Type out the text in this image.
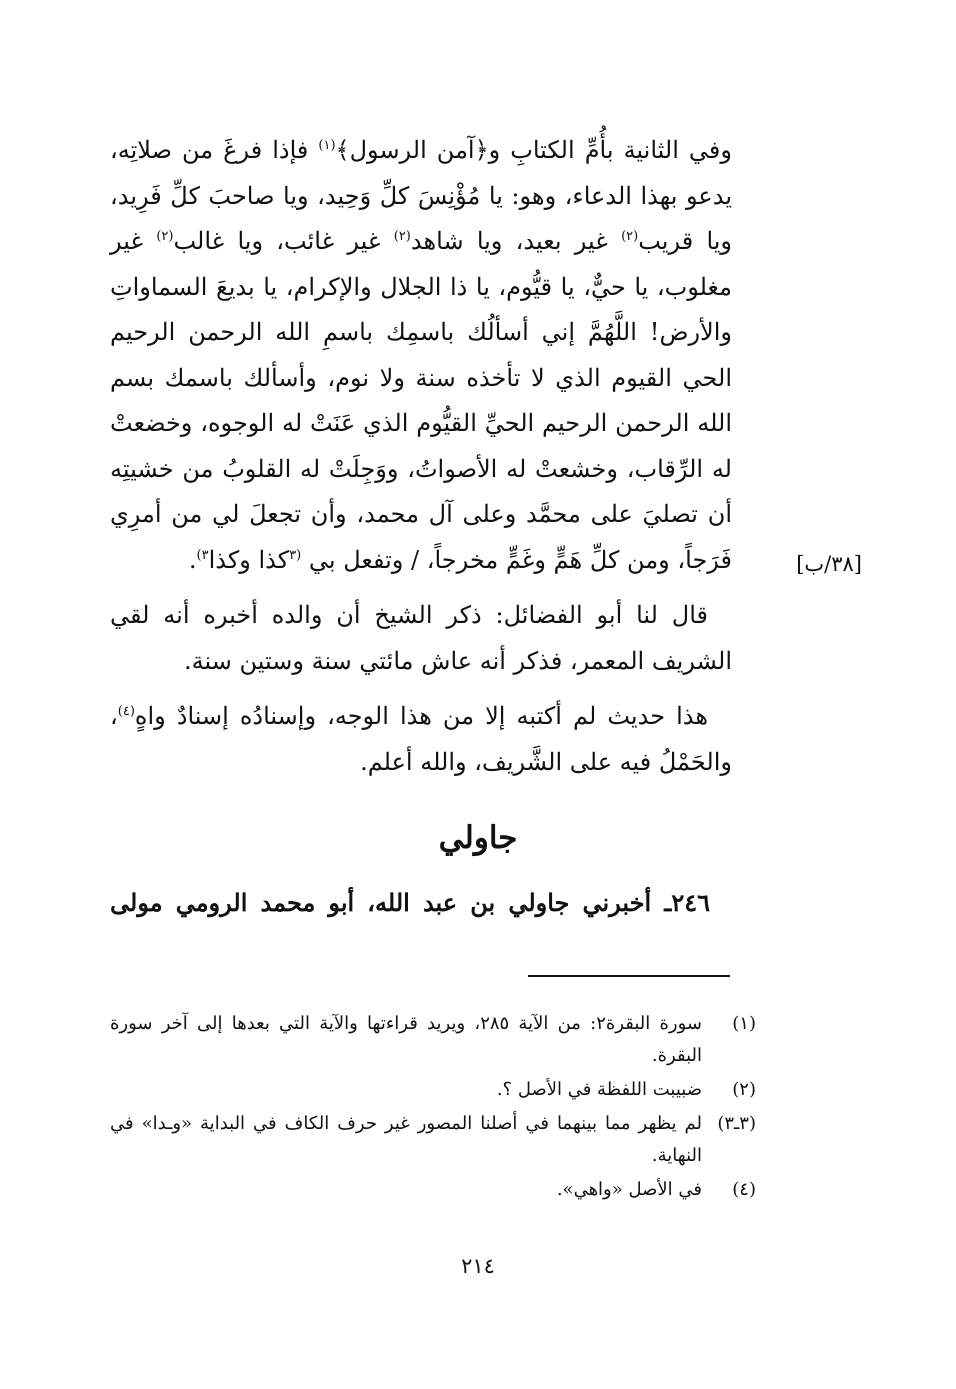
وفي الثانية بأُمِّ الكتابِ و﴿آمن الرسول﴾$^{(١)}$ فإذا فرغَ من صلاتِه، يدعو بهذا الدعاء، وهو: يا مُؤْنِسَ كلِّ وَحِيد، ويا صاحبَ كلِّ فَرِيد، ويا قريب$^{(٢)}$ غير بعيد، ويا شاهد$^{(٢)}$ غير غائب، ويا غالب$^{(٢)}$ غير مغلوب، يا حيٌّ، يا قيُّوم، يا ذا الجلال والإكرام، يا بديعَ السماواتِ والأرض! اللَّهُمَّ إني أسألُك باسمِك باسمِ الله الرحمن الرحيم الحي القيوم الذي لا تأخذه سنة ولا نوم، وأسألك باسمك بسم الله الرحمن الرحيم الحيِّ القيُّوم الذي عَنَتْ له الوجوه، وخضعتْ له الرِّقاب، وخشعتْ له الأصواتُ، ووَجِلَتْ له القلوبُ من خشيتِه أن تصليَ على محمَّد وعلى آل محمد، وأن تجعلَ لي من أمرِي فَرَجاً، ومن كلِّ هَمٍّ وغَمٍّ مخرجاً، / وتفعل بي $^{(٣}$كذا وكذا$^{٣)}$.

قال لنا أبو الفضائل: ذكر الشيخ أن والده أخبره أنه لقي الشريف المعمر، فذكر أنه عاش مائتي سنة وستين سنة.

هذا حديث لم أكتبه إلا من هذا الوجه، وإسنادُه إسنادٌ واهٍ$^{(٤)}$، والحَمْلُ فيه على الشَّريف، والله أعلم.

[٣٨/ب]
جاولي
٢٤٦ـ أخبرني جاولي بن عبد الله، أبو محمد الرومي مولى
(١)
سورة البقرة٢: من الآية ٢٨٥، ويريد قراءتها والآية التي بعدها إلى آخر سورة البقرة.
(٢)
ضبيبت اللفظة في الأصل ؟.
(٣ـ٣)
لم يظهر مما بينهما في أصلنا المصور غير حرف الكاف في البداية «وـدا» في النهاية.
(٤)
في الأصل «واهي».
٢١٤
